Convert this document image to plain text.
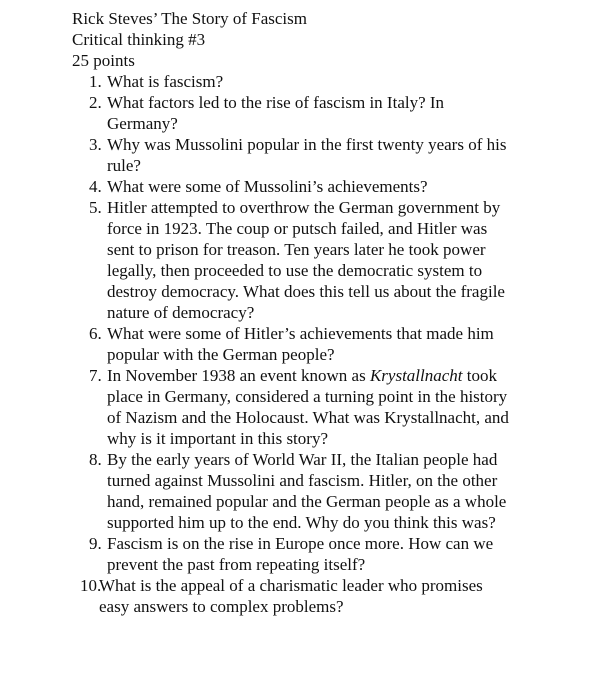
Rick Steves’ The Story of Fascism
Critical thinking #3
25 points
1. What is fascism?
2. What factors led to the rise of fascism in Italy? In
Germany?
3. Why was Mussolini popular in the first twenty years of his
rule?
4. What were some of Mussolini’s achievements?
5. Hitler attempted to overthrow the German government by
force in 1923. The coup or putsch failed, and Hitler was
sent to prison for treason. Ten years later he took power
legally, then proceeded to use the democratic system to
destroy democracy. What does this tell us about the fragile
nature of democracy?
6. What were some of Hitler’s achievements that made him
popular with the German people?
7. In November 1938 an event known as Krystallnacht took
place in Germany, considered a turning point in the history
of Nazism and the Holocaust. What was Krystallnacht, and
why is it important in this story?
8. By the early years of World War II, the Italian people had
turned against Mussolini and fascism. Hitler, on the other
hand, remained popular and the German people as a whole
supported him up to the end. Why do you think this was?
9. Fascism is on the rise in Europe once more. How can we
prevent the past from repeating itself?
10.
What is the appeal of a charismatic leader who promises
easy answers to complex problems?
